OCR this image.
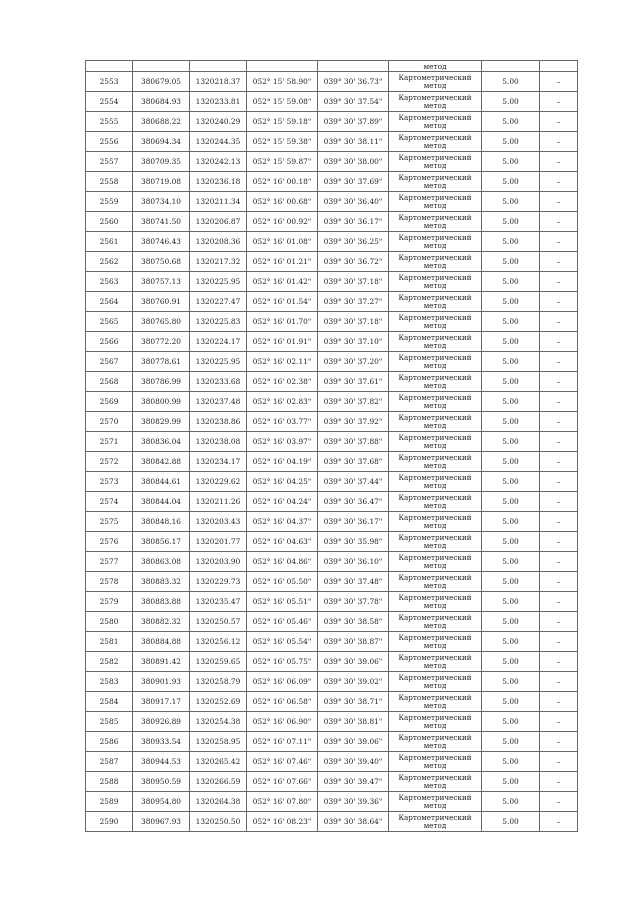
					метод		
2553	380679.05	1320218.37	052° 15' 58.90"	039° 30' 36.73"	Картометрический метод	5.00	–
2554	380684.93	1320233.81	052° 15' 59.08"	039° 30' 37.54"	Картометрический метод	5.00	–
2555	380688.22	1320240.29	052° 15' 59.18"	039° 30' 37.89"	Картометрический метод	5.00	–
2556	380694.34	1320244.35	052° 15' 59.38"	039° 30' 38.11"	Картометрический метод	5.00	–
2557	380709.35	1320242.13	052° 15' 59.87"	039° 30' 38.00"	Картометрический метод	5.00	–
2558	380719.08	1320236.18	052° 16' 00.18"	039° 30' 37.69"	Картометрический метод	5.00	–
2559	380734.10	1320211.34	052° 16' 00.68"	039° 30' 36.40"	Картометрический метод	5.00	–
2560	380741.50	1320206.87	052° 16' 00.92"	039° 30' 36.17"	Картометрический метод	5.00	–
2561	380746.43	1320208.36	052° 16' 01.08"	039° 30' 36.25"	Картометрический метод	5.00	–
2562	380750.68	1320217.32	052° 16' 01.21"	039° 30' 36.72"	Картометрический метод	5.00	–
2563	380757.13	1320225.95	052° 16' 01.42"	039° 30' 37.18"	Картометрический метод	5.00	–
2564	380760.91	1320227.47	052° 16' 01.54"	039° 30' 37.27"	Картометрический метод	5.00	–
2565	380765.80	1320225.83	052° 16' 01.70"	039° 30' 37.18"	Картометрический метод	5.00	–
2566	380772.20	1320224.17	052° 16' 01.91"	039° 30' 37.10"	Картометрический метод	5.00	–
2567	380778.61	1320225.95	052° 16' 02.11"	039° 30' 37.20"	Картометрический метод	5.00	–
2568	380786.99	1320233.68	052° 16' 02.38"	039° 30' 37.61"	Картометрический метод	5.00	–
2569	380800.99	1320237.48	052° 16' 02.83"	039° 30' 37.82"	Картометрический метод	5.00	–
2570	380829.99	1320238.86	052° 16' 03.77"	039° 30' 37.92"	Картометрический метод	5.00	–
2571	380836.04	1320238.08	052° 16' 03.97"	039° 30' 37.88"	Картометрический метод	5.00	–
2572	380842.88	1320234.17	052° 16' 04.19"	039° 30' 37.68"	Картометрический метод	5.00	–
2573	380844.61	1320229.62	052° 16' 04.25"	039° 30' 37.44"	Картометрический метод	5.00	–
2574	380844.04	1320211.26	052° 16' 04.24"	039° 30' 36.47"	Картометрический метод	5.00	–
2575	380848.16	1320203.43	052° 16' 04.37"	039° 30' 36.17"	Картометрический метод	5.00	–
2576	380856.17	1320201.77	052° 16' 04.63"	039° 30' 35.98"	Картометрический метод	5.00	–
2577	380863.08	1320203.90	052° 16' 04.86"	039° 30' 36.10"	Картометрический метод	5.00	–
2578	380883.32	1320229.73	052° 16' 05.50"	039° 30' 37.48"	Картометрический метод	5.00	–
2579	380883.88	1320235.47	052° 16' 05.51"	039° 30' 37.78"	Картометрический метод	5.00	–
2580	380882.32	1320250.57	052° 16' 05.46"	039° 30' 38.58"	Картометрический метод	5.00	–
2581	380884.88	1320256.12	052° 16' 05.54"	039° 30' 38.87"	Картометрический метод	5.00	–
2582	380891.42	1320259.65	052° 16' 05.75"	039° 30' 39.06"	Картометрический метод	5.00	–
2583	380901.93	1320258.79	052° 16' 06.09"	039° 30' 39.02"	Картометрический метод	5.00	–
2584	380917.17	1320252.69	052° 16' 06.58"	039° 30' 38.71"	Картометрический метод	5.00	–
2585	380926.89	1320254.38	052° 16' 06.90"	039° 30' 38.81"	Картометрический метод	5.00	–
2586	380933.54	1320258.95	052° 16' 07.11"	039° 30' 39.06"	Картометрический метод	5.00	–
2587	380944.53	1320265.42	052° 16' 07.46"	039° 30' 39.40"	Картометрический метод	5.00	–
2588	380950.59	1320266.59	052° 16' 07.66"	039° 30' 39.47"	Картометрический метод	5.00	–
2589	380954.80	1320264.38	052° 16' 07.80"	039° 30' 39.36"	Картометрический метод	5.00	–
2590	380967.93	1320250.50	052° 16' 08.23"	039° 30' 38.64"	Картометрический метод	5.00	–
